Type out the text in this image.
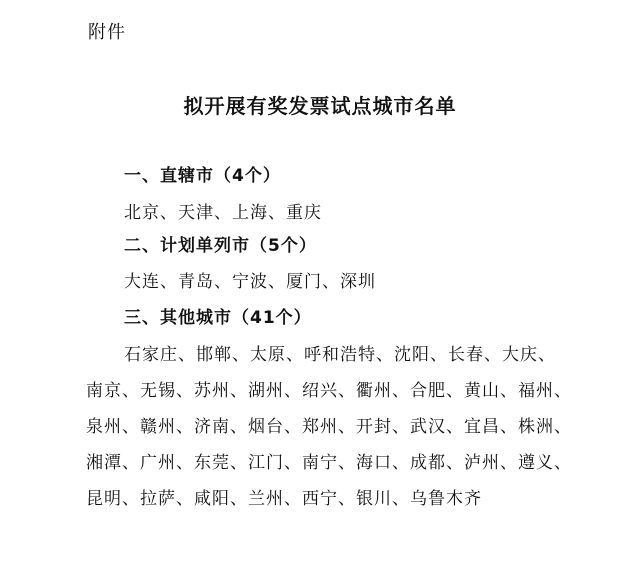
附件
拟开展有奖发票试点城市名单
一、直辖市（4个）
北京、天津、上海、重庆
二、计划单列市（5个）
大连、青岛、宁波、厦门、深圳
三、其他城市（41个）
石家庄、邯郸、太原、呼和浩特、沈阳、长春、大庆、
南京、无锡、苏州、湖州、绍兴、衢州、合肥、黄山、福州、
泉州、赣州、济南、烟台、郑州、开封、武汉、宜昌、株洲、
湘潭、广州、东莞、江门、南宁、海口、成都、泸州、遵义、
昆明、拉萨、咸阳、兰州、西宁、银川、乌鲁木齐
